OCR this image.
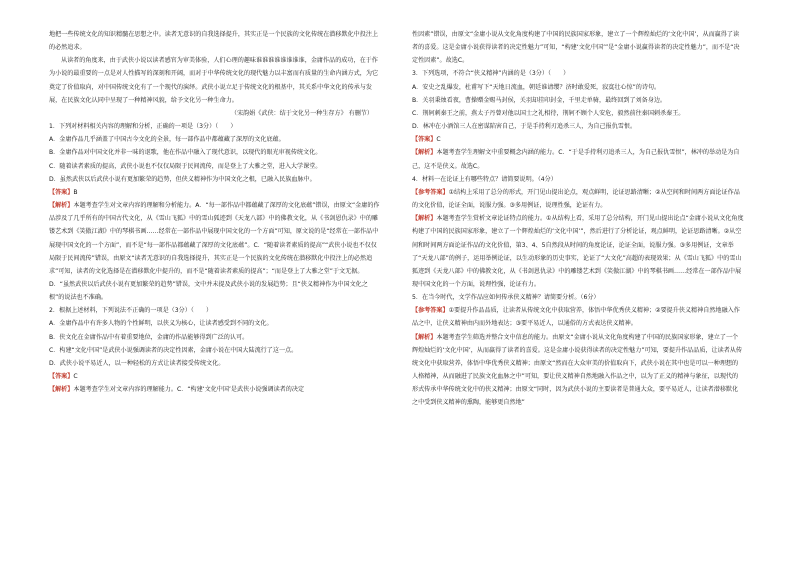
地把一些传统文化的知识精髓在思想之中。读者无意识的自我选择提升，其实正是一个民族的文化传统在潜移默化中投注上的必然追求。

从读者的角度来，由于武侠小说以读者感官为审美体验，人们心理的趣味谁谁谁谁谁谁谁谁，金庸作品的成功，在于作为小说的最重要的一点是对人性描写的深刻和开阔，而对于中华传统文化的现代魅力以丰富而有质量的生命内涵方式，为它奠定了价值取向，对中国传统文化有了一个现代的演绎。武侠小说立足于传统文化的根基中，其关系中华文化的传承与发展，在民族文化认同中呈现了一种精神风貌，给予文化另一种生命力。

（宋韵娟《武侠：结于文化另一种生存方》 有删节）

1．下列对材料相关内容的理解和分析，正确的一项是（3分）（　　）
A．金庸作品几乎涵盖了中国古今文化的全景，每一部作品中都蕴藏了深厚的文化底蕴。
B．金庸作品对中国文化并非一味的讴歌，他在作品中融入了现代意识，以现代的眼光审视传统文化。
C．随着读者素质的提高，武侠小说也不仅仅局限于民间流传，而是登上了大雅之堂，进入大学课堂。
D．虽然武侠以后武侠小说有更加繁荣的趋势，但侠义精神作为中国文化之根，已融入民族血脉中。

【答案】B

【解析】本题考查学生对文章内容的理解和分析能力。A．“每一部作品中都蕴藏了深厚的文化底蕴”错误，由原文“金庸的作品涉及了几乎所有的中国古代文化，从《雪山飞狐》中的雪山狐迹到《天龙八部》中的佛教文化，从《书剑恩仇录》中的雕镂艺术到《笑傲江湖》中的琴棋书画……经常在一部作品中展现中国文化的一个方面”可知，原文说的是“经常在一部作品中展现中国文化的一个方面”，而不是“每一部作品都蕴藏了深厚的文化底蕴”。C．“随着读者素质的提高”“武侠小说也不仅仅局限于民间流传”错误，由原文“读者无意识的自我选择提升，其实正是一个民族的文化传统在潜移默化中投注上的必然追求”可知，读者的文化选择是在潜移默化中提升的，而不是“随着读者素质的提高”；“而是登上了大雅之堂”于文无据。D．“虽然武侠以后武侠小说有更加繁荣的趋势”错误，文中并未提及武侠小说的发展趋势；且“侠义精神作为中国文化之根”的说法也不准确。

2．根据上述材料，下列说法不正确的一项是（3分）（　　）
A．金庸作品中有许多人物的个性鲜明，以侠义为核心，让读者感受到不同的文化。
B．侠文化在金庸作品中有着重要地位，金庸的作品能够得到广泛的认可。
C．构建“文化中国”是武侠小说强调读者的决定性因素，金庸小说在中国大陆流行了这一点。
D．武侠小说平易近人，以一种轻松的方式让读者接受传统文化。

【答案】C

【解析】本题考查学生对文章内容的理解能力。C．“构建‘文化中国’是武侠小说强调读者的决定

性因素”错误，由原文“金庸小说从文化角度构建了中国的民族国家形象，建立了一个辉煌灿烂的‘文化中国’，从而赢得了读者的喜爱。这是金庸小说获得读者的决定性魅力”可知，“构建‘文化中国’”是“金庸小说赢得读者的决定性魅力”，而不是“决定性因素”。故选C。

3．下列选项，不符合“侠义精神”内涵的是（3分）（　　）
A．安史之乱爆发，杜甫写下“天地日流血，朝廷谁请缨？济时敢爱死，寂寞壮心惊”的诗句。
B．关羽秉烛看夜，曹操赠金赐马封侯，关羽却挂印封金，千里走单骑，最终回到了刘备身边。
C．荆轲刺秦王之前，燕太子丹曾对他以国士之礼相待，荆轲不顾个人安危，毅然前往秦国刺杀秦王。
D．林冲在小酒馆三人在密谋陷害自己，于是手持利刃追杀三人，为自己报仇雪恨。

【答案】C

【解析】本题考查学生理解文中重要概念内涵的能力。C．“于是手持利刃追杀三人，为自己报仇雪恨”，林冲的举动是为自己，这不是侠义。故选C。

4．材料一在论证上有哪些特点？请简要说明。（4分）

【参考答案】①结构上采用了总分的形式，开门见山提出论点，观点鲜明，论证思路清晰；②从空间和时间两方面论证作品的文化价值，论证全面，说服力强。③多用例证，说理性强，论证有力。

【解析】本题考查学生赏析文章论证特点的能力。①从结构上看，采用了总分结构，开门见山提出论点“金庸小说从文化角度构建了中国的民族国家形象，建立了一个辉煌灿烂的‘文化中国’”，然后进行了分析论证，观点鲜明，论证思路清晰。②从空间和时间两方面论证作品的文化价值，第3、4、5自然段从时间的角度论证，论证全面，说服力强。③多用例证，文章举了“天龙八部”的例子，运用举例论证，以生动形象的历史事实，论证了“大文化”高超的表现效果；从《雪山飞狐》中的雪山狐迹到《天龙八部》中的佛教文化，从《书剑恩仇录》中的雕镂艺术到《笑傲江湖》中的琴棋书画……经常在一部作品中展现中国文化的一个方面，说理性强，论证有力。

5．在当今时代，文学作品应如何传承侠义精神？请简要分析。（6分）

【参考答案】①要提升作品品质，让读者从传统文化中获取营养，体悟中华优秀侠义精神；②要提升侠义精神自然地融入作品之中，让侠义精神由内而外地表达；③要平易近人，以通俗的方式表达侠义精神。

【解析】本题考查学生筛选并整合文中信息的能力。由原文“金庸小说从文化角度构建了中国的民族国家形象，建立了一个辉煌灿烂的‘文化中国’，从而赢得了读者的喜爱。这是金庸小说获得读者的决定性魅力”可知，要提升作品品质，让读者从传统文化中获取营养，体悟中华优秀侠义精神；由原文“然而在大众审美的价值取向下，武侠小说在其中也是可以一种理想的人格精神，从而融进了民族文化血脉之中”可知，要让侠义精神自然地融入作品之中，以为了正义的精神与象征，以现代的形式传承中华传统文化中的侠义精神；由原文“同时，因为武侠小说的主要读者是普通大众，要平易近人，让读者潜移默化之中受到侠义精神的熏陶，能够更自然地”
